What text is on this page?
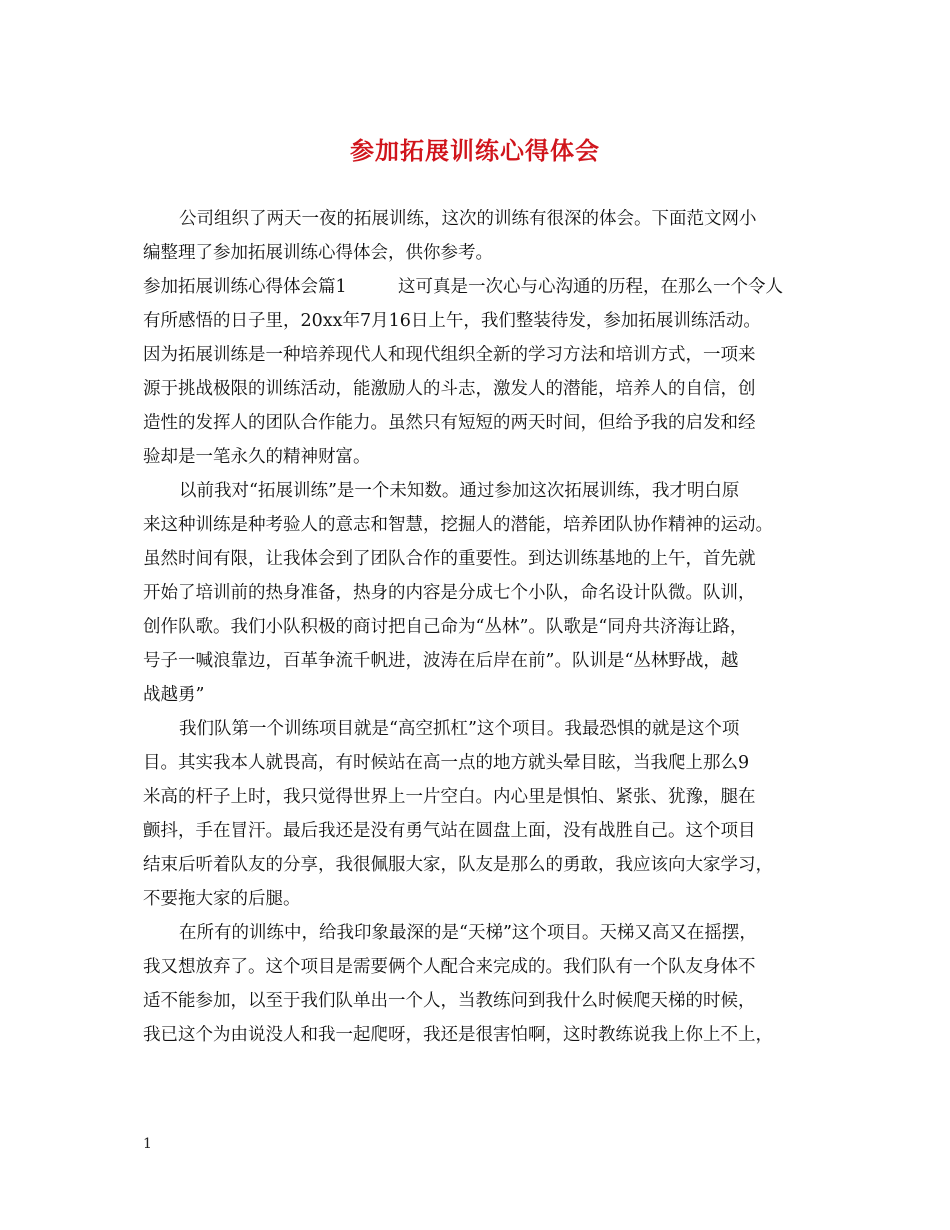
参加拓展训练心得体会
公司组织了两天一夜的拓展训练，这次的训练有很深的体会。下面范文网小
编整理了参加拓展训练心得体会，供你参考。
参加拓展训练心得体会篇1	这可真是一次心与心沟通的历程，在那么一个令人
有所感悟的日子里，20xx年7月16日上午，我们整装待发，参加拓展训练活动。
因为拓展训练是一种培养现代人和现代组织全新的学习方法和培训方式，一项来
源于挑战极限的训练活动，能激励人的斗志，激发人的潜能，培养人的自信，创
造性的发挥人的团队合作能力。虽然只有短短的两天时间，但给予我的启发和经
验却是一笔永久的精神财富。
以前我对“拓展训练”是一个未知数。通过参加这次拓展训练，我才明白原
来这种训练是种考验人的意志和智慧，挖掘人的潜能，培养团队协作精神的运动。
虽然时间有限，让我体会到了团队合作的重要性。到达训练基地的上午，首先就
开始了培训前的热身准备，热身的内容是分成七个小队，命名设计队微。队训，
创作队歌。我们小队积极的商讨把自己命为“丛林”。队歌是“同舟共济海让路，
号子一喊浪靠边，百革争流千帆进，波涛在后岸在前”。队训是“丛林野战，越
战越勇”
我们队第一个训练项目就是“高空抓杠”这个项目。我最恐惧的就是这个项
目。其实我本人就畏高，有时候站在高一点的地方就头晕目眩，当我爬上那么9
米高的杆子上时，我只觉得世界上一片空白。内心里是惧怕、紧张、犹豫，腿在
颤抖，手在冒汗。最后我还是没有勇气站在圆盘上面，没有战胜自己。这个项目
结束后听着队友的分享，我很佩服大家，队友是那么的勇敢，我应该向大家学习，
不要拖大家的后腿。
在所有的训练中，给我印象最深的是“天梯”这个项目。天梯又高又在摇摆，
我又想放弃了。这个项目是需要俩个人配合来完成的。我们队有一个队友身体不
适不能参加，以至于我们队单出一个人，当教练问到我什么时候爬天梯的时候，
我已这个为由说没人和我一起爬呀，我还是很害怕啊，这时教练说我上你上不上，
1
